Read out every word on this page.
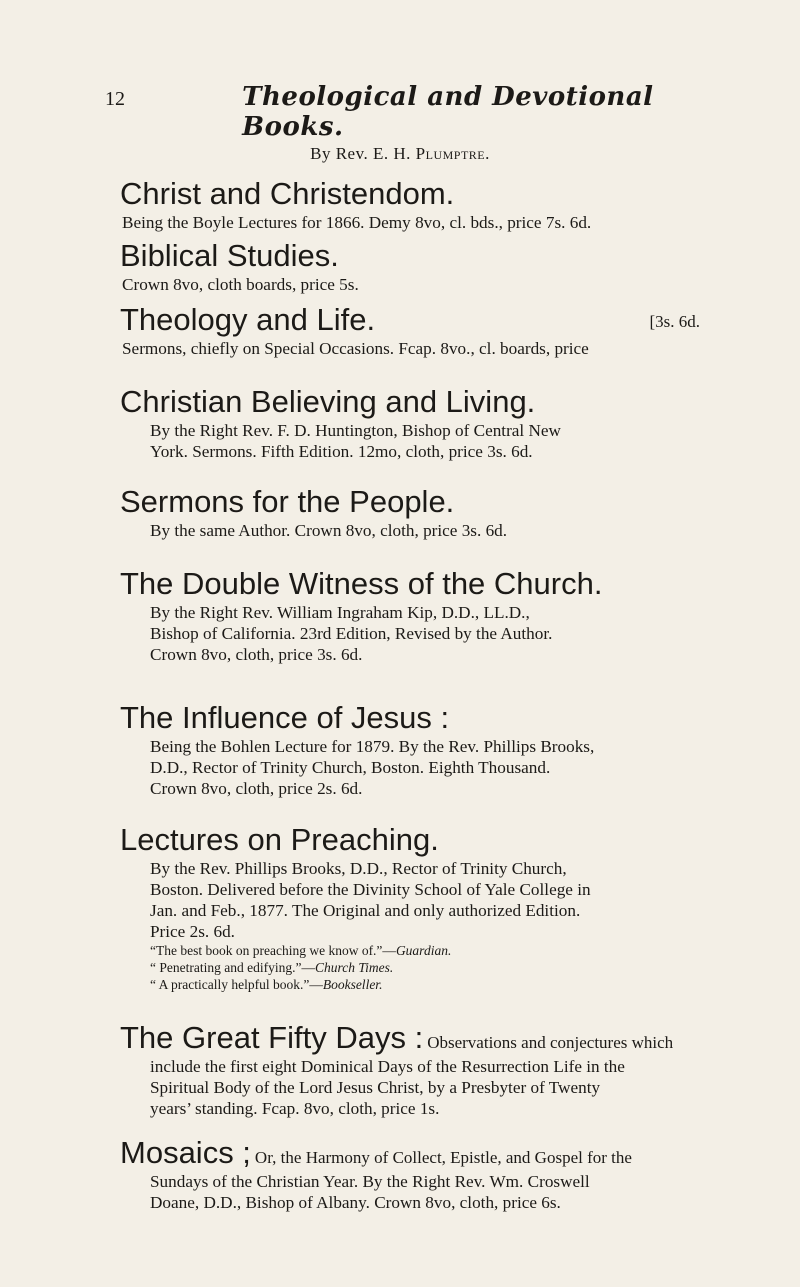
12	Theological and Devotional Books.
By Rev. E. H. Plumptre.
Christ and Christendom.
Being the Boyle Lectures for 1866. Demy 8vo, cl. bds., price 7s. 6d.
Biblical Studies.
Crown 8vo, cloth boards, price 5s.
Theology and Life.	[3s. 6d.
Sermons, chiefly on Special Occasions. Fcap. 8vo., cl. boards, price
Christian Believing and Living.
By the Right Rev. F. D. Huntington, Bishop of Central New
York. Sermons. Fifth Edition. 12mo, cloth, price 3s. 6d.
Sermons for the People.
By the same Author. Crown 8vo, cloth, price 3s. 6d.
The Double Witness of the Church.
By the Right Rev. William Ingraham Kip, D.D., LL.D.,
Bishop of California. 23rd Edition, Revised by the Author.
Crown 8vo, cloth, price 3s. 6d.
The Influence of Jesus :
Being the Bohlen Lecture for 1879. By the Rev. Phillips Brooks,
D.D., Rector of Trinity Church, Boston. Eighth Thousand.
Crown 8vo, cloth, price 2s. 6d.
Lectures on Preaching.
By the Rev. Phillips Brooks, D.D., Rector of Trinity Church,
Boston. Delivered before the Divinity School of Yale College in
Jan. and Feb., 1877. The Original and only authorized Edition.
Price 2s. 6d.
“The best book on preaching we know of.”—Guardian.
“ Penetrating and edifying.”—Church Times.
“ A practically helpful book.”—Bookseller.
The Great Fifty Days : Observations and conjectures which
include the first eight Dominical Days of the Resurrection Life in the
Spiritual Body of the Lord Jesus Christ, by a Presbyter of Twenty
years’ standing. Fcap. 8vo, cloth, price 1s.
Mosaics ; Or, the Harmony of Collect, Epistle, and Gospel for the
Sundays of the Christian Year. By the Right Rev. Wm. Croswell
Doane, D.D., Bishop of Albany. Crown 8vo, cloth, price 6s.
